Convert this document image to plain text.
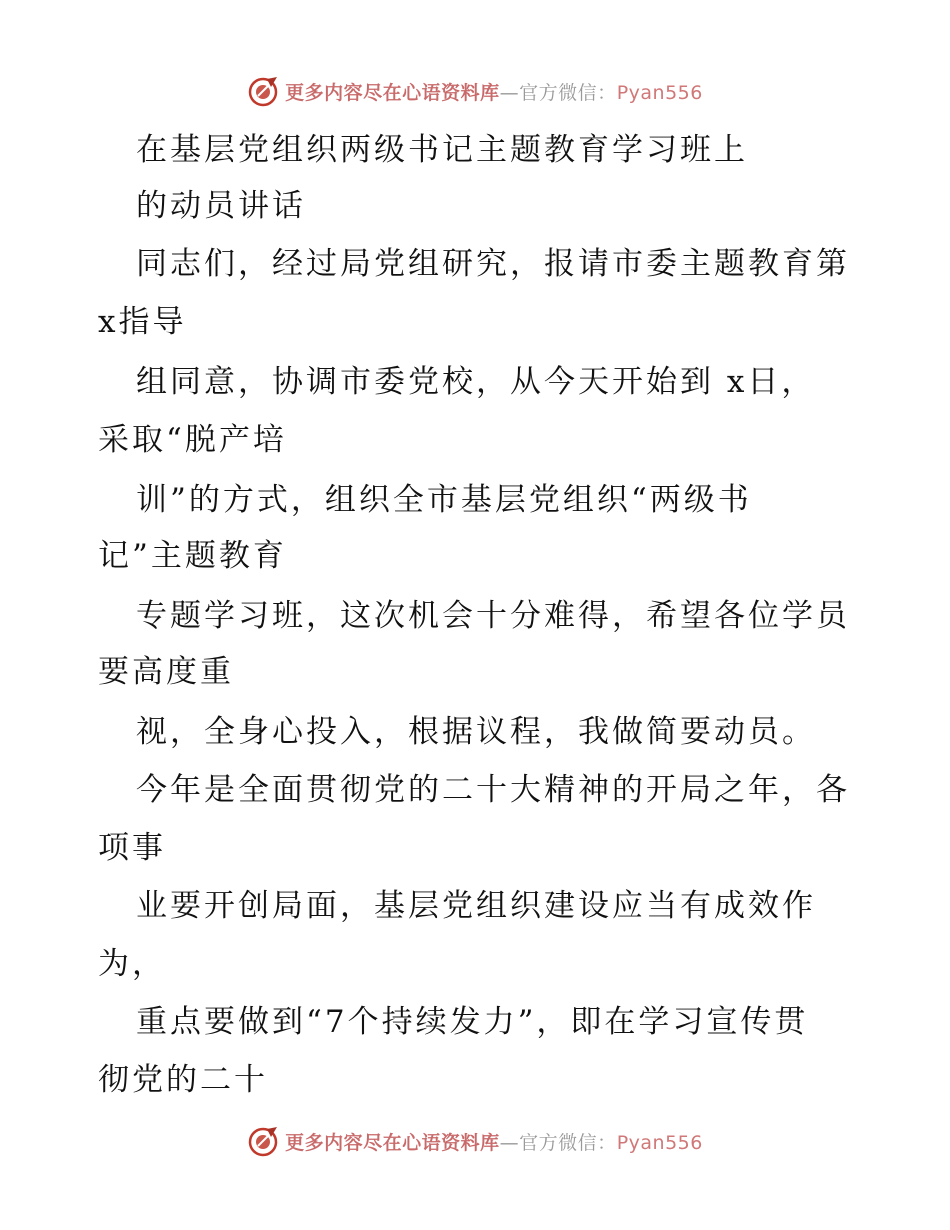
更多内容尽在心语资料库—官方微信：Pyan556
在基层党组织两级书记主题教育学习班上
的动员讲话
同志们，经过局党组研究，报请市委主题教育第
x指导
组同意，协调市委党校，从今天开始到 x日，
采取“脱产培
训”的方式，组织全市基层党组织“两级书
记”主题教育
专题学习班，这次机会十分难得，希望各位学员
要高度重
视，全身心投入，根据议程，我做简要动员。
今年是全面贯彻党的二十大精神的开局之年，各
项事
业要开创局面，基层党组织建设应当有成效作
为，
重点要做到“7个持续发力”，即在学习宣传贯
彻党的二十
更多内容尽在心语资料库—官方微信：Pyan556
